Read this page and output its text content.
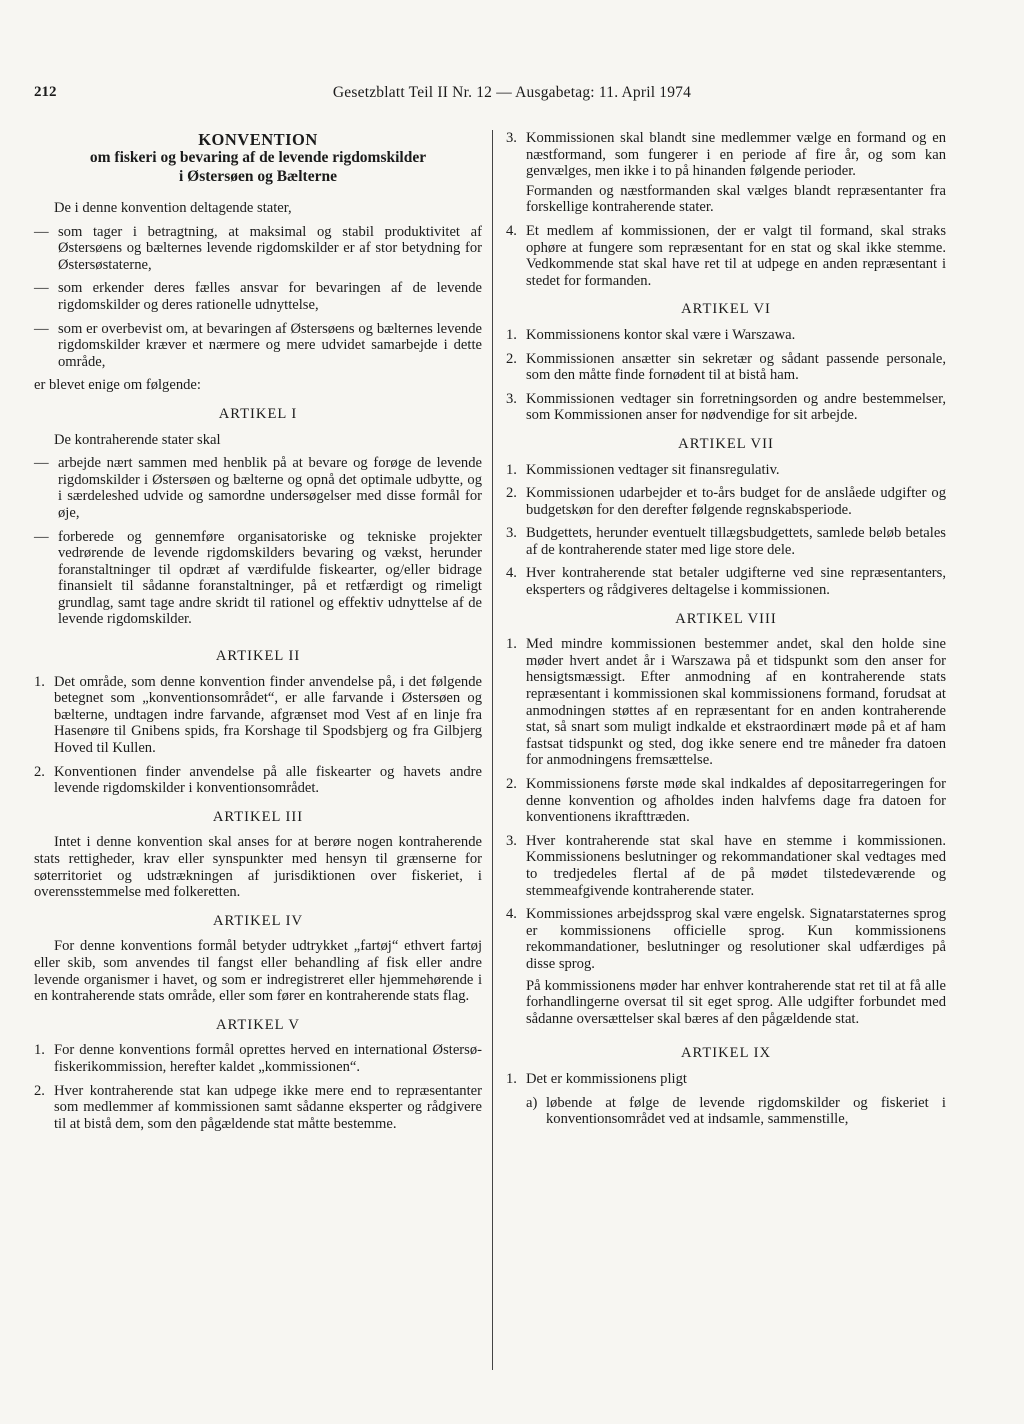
212	Gesetzblatt Teil II Nr. 12 — Ausgabetag: 11. April 1974
KONVENTION
om fiskeri og bevaring af de levende rigdomskilder
i Østersøen og Bælterne

De i denne konvention deltagende stater,

— som tager i betragtning, at maksimal og stabil produktivitet af Østersøens og bælternes levende rigdomskilder er af stor betydning for Østersøstaterne,
— som erkender deres fælles ansvar for bevaringen af de levende rigdomskilder og deres rationelle udnyttelse,
— som er overbevist om, at bevaringen af Østersøens og bælternes levende rigdomskilder kræver et nærmere og mere udvidet samarbejde i dette område,

er blevet enige om følgende:

ARTIKEL I

De kontraherende stater skal

— arbejde nært sammen med henblik på at bevare og forøge de levende rigdomskilder i Østersøen og bælterne og opnå det optimale udbytte, og i særdeleshed udvide og samordne undersøgelser med disse formål for øje,
— forberede og gennemføre organisatoriske og tekniske projekter vedrørende de levende rigdomskilders bevaring og vækst, herunder foranstaltninger til opdræt af værdifulde fiskearter, og/eller bidrage finansielt til sådanne foranstaltninger, på et retfærdigt og rimeligt grundlag, samt tage andre skridt til rationel og effektiv udnyttelse af de levende rigdomskilder.
ARTIKEL II
1. Det område, som denne konvention finder anvendelse på, i det følgende betegnet som „konventionsområdet“, er alle farvande i Østersøen og bælterne, undtagen indre farvande, afgrænset mod Vest af en linje fra Hasenøre til Gnibens spids, fra Korshage til Spodsbjerg og fra Gilbjerg Hoved til Kullen.
2. Konventionen finder anvendelse på alle fiskearter og havets andre levende rigdomskilder i konventionsområdet.
ARTIKEL III

Intet i denne konvention skal anses for at berøre nogen kontraherende stats rettigheder, krav eller synspunkter med hensyn til grænserne for søterritoriet og udstrækningen af jurisdiktionen over fiskeriet, i overensstemmelse med folkeretten.

ARTIKEL IV

For denne konventions formål betyder udtrykket „fartøj“ ethvert fartøj eller skib, som anvendes til fangst eller behandling af fisk eller andre levende organismer i havet, og som er indregistreret eller hjemmehørende i en kontraherende stats område, eller som fører en kontraherende stats flag.

ARTIKEL V
1. For denne konventions formål oprettes herved en international Østersø-fiskerikommission, herefter kaldet „kommissionen“.
2. Hver kontraherende stat kan udpege ikke mere end to repræsentanter som medlemmer af kommissionen samt sådanne eksperter og rådgivere til at bistå dem, som den pågældende stat måtte bestemme.
3. Kommissionen skal blandt sine medlemmer vælge en formand og en næstformand, som fungerer i en periode af fire år, og som kan genvælges, men ikke i to på hinanden følgende perioder.
Formanden og næstformanden skal vælges blandt repræsentanter fra forskellige kontraherende stater.
4. Et medlem af kommissionen, der er valgt til formand, skal straks ophøre at fungere som repræsentant for en stat og skal ikke stemme. Vedkommende stat skal have ret til at udpege en anden repræsentant i stedet for formanden.
ARTIKEL VI
1. Kommissionens kontor skal være i Warszawa.
2. Kommissionen ansætter sin sekretær og sådant passende personale, som den måtte finde fornødent til at bistå ham.
3. Kommissionen vedtager sin forretningsorden og andre bestemmelser, som Kommissionen anser for nødvendige for sit arbejde.
ARTIKEL VII
1. Kommissionen vedtager sit finansregulativ.
2. Kommissionen udarbejder et to-års budget for de anslåede udgifter og budgetskøn for den derefter følgende regnskabsperiode.
3. Budgettets, herunder eventuelt tillægsbudgettets, samlede beløb betales af de kontraherende stater med lige store dele.
4. Hver kontraherende stat betaler udgifterne ved sine repræsentanters, eksperters og rådgiveres deltagelse i kommissionen.
ARTIKEL VIII
1. Med mindre kommissionen bestemmer andet, skal den holde sine møder hvert andet år i Warszawa på et tidspunkt som den anser for hensigtsmæssigt. Efter anmodning af en kontraherende stats repræsentant i kommissionen skal kommissionens formand, forudsat at anmodningen støttes af en repræsentant for en anden kontraherende stat, så snart som muligt indkalde et ekstraordinært møde på et af ham fastsat tidspunkt og sted, dog ikke senere end tre måneder fra datoen for anmodningens fremsættelse.
2. Kommissionens første møde skal indkaldes af depositarregeringen for denne konvention og afholdes inden halvfems dage fra datoen for konventionens ikrafttræden.
3. Hver kontraherende stat skal have en stemme i kommissionen. Kommissionens beslutninger og rekommandationer skal vedtages med to tredjedeles flertal af de på mødet tilstedeværende og stemmeafgivende kontraherende stater.
4. Kommissiones arbejdssprog skal være engelsk. Signatarstaternes sprog er kommissionens officielle sprog. Kun kommissionens rekommandationer, beslutninger og resolutioner skal udfærdiges på disse sprog.
På kommissionens møder har enhver kontraherende stat ret til at få alle forhandlingerne oversat til sit eget sprog. Alle udgifter forbundet med sådanne oversættelser skal bæres af den pågældende stat.
ARTIKEL IX
1. Det er kommissionens pligt
a) løbende at følge de levende rigdomskilder og fiskeriet i konventionsområdet ved at indsamle, sammenstille,
